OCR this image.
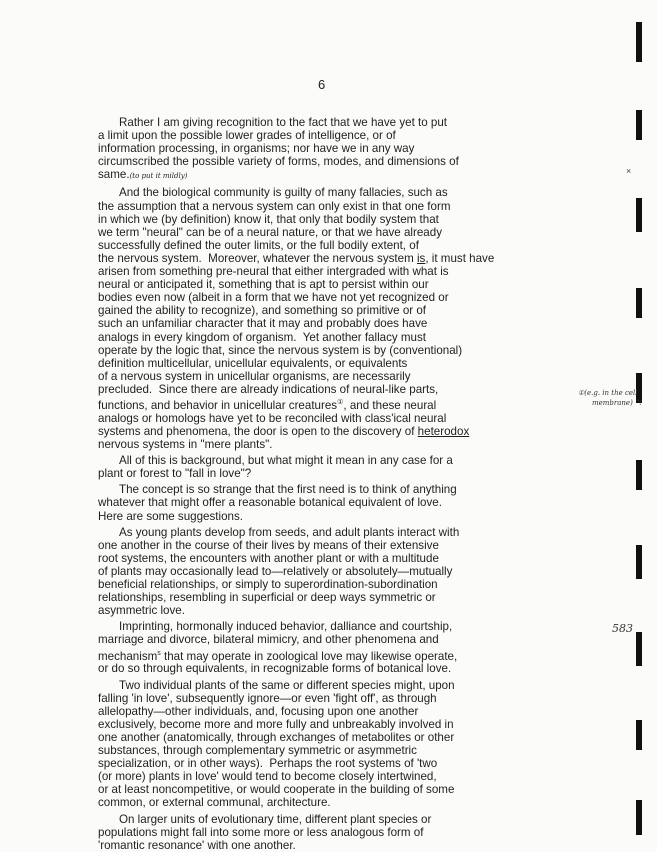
6
Rather I am giving recognition to the fact that we have yet to put
a limit upon the possible lower grades of intelligence, or of
information processing, in organisms; nor have we in any way
circumscribed the possible variety of forms, modes, and dimensions of
same.(to put it mildly)
And the biological community is guilty of many fallacies, such as
the assumption that a nervous system can only exist in that one form
in which we (by definition) know it, that only that bodily system that
we term "neural" can be of a neural nature, or that we have already
successfully defined the outer limits, or the full bodily extent, of
the nervous system.  Moreover, whatever the nervous system is, it must have
arisen from something pre-neural that either intergraded with what is
neural or anticipated it, something that is apt to persist within our
bodies even now (albeit in a form that we have not yet recognized or
gained the ability to recognize), and something so primitive or of
such an unfamiliar character that it may and probably does have
analogs in every kingdom of organism.  Yet another fallacy must
operate by the logic that, since the nervous system is by (conventional)
definition multicellular, unicellular equivalents, or equivalents
of a nervous system in unicellular organisms, are necessarily
precluded.  Since there are already indications of neural-like parts,
functions, and behavior in unicellular creatures①, and these neural
analogs or homologs have yet to be reconciled with class'ical neural
systems and phenomena, the door is open to the discovery of heterodox
nervous systems in "mere plants".
All of this is background, but what might it mean in any case for a
plant or forest to "fall in love"?
The concept is so strange that the first need is to think of anything
whatever that might offer a reasonable botanical equivalent of love.
Here are some suggestions.
As young plants develop from seeds, and adult plants interact with
one another in the course of their lives by means of their extensive
root systems, the encounters with another plant or with a multitude
of plants may occasionally lead to—relatively or absolutely—mutually
beneficial relationships, or simply to superordination-subordination
relationships, resembling in superficial or deep ways symmetric or
asymmetric love.
Imprinting, hormonally induced behavior, dalliance and courtship,
marriage and divorce, bilateral mimicry, and other phenomena and
mechanism$^s$ that may operate in zoological love may likewise operate,
or do so through equivalents, in recognizable forms of botanical love.
Two individual plants of the same or different species might, upon
falling 'in love', subsequently ignore—or even 'fight off', as through
allelopathy—other individuals, and, focusing upon one another
exclusively, become more and more fully and unbreakably involved in
one another (anatomically, through exchanges of metabolites or other
substances, through complementary symmetric or asymmetric
specialization, or in other ways).  Perhaps the root systems of 'two
(or more) plants in love' would tend to become closely intertwined,
or at least noncompetitive, or would cooperate in the building of some
common, or external communal, architecture.
On larger units of evolutionary time, different plant species or
populations might fall into some more or less analogous form of
'romantic resonance' with one another.
×
①(e.g. in the cell
membrane) "!
583
